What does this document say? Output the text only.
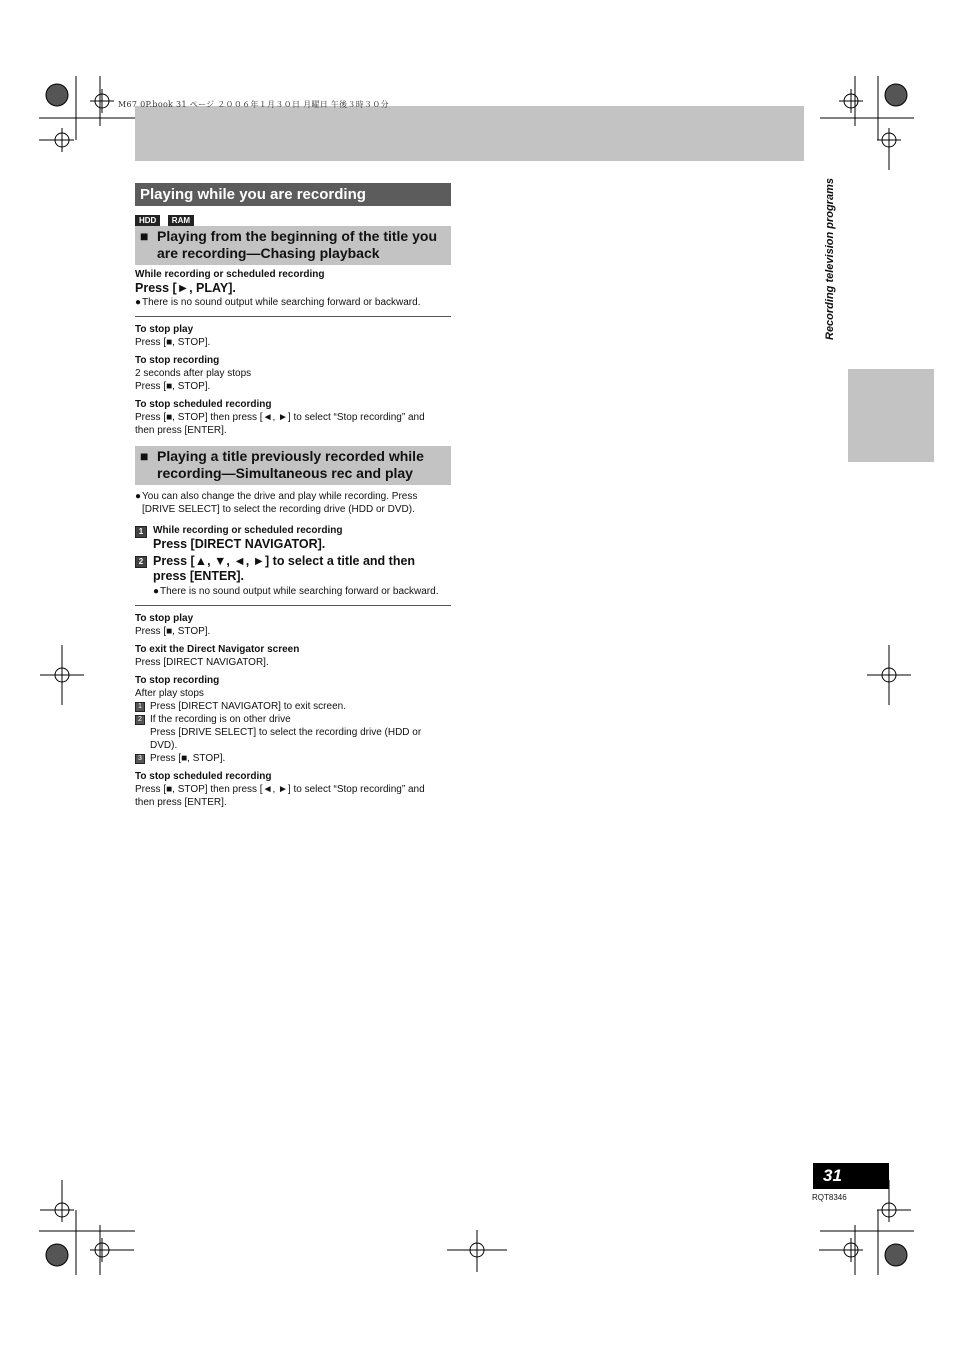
M67 0P.book 31 ページ ２００６年１月３０日 月曜日 午後３時３０分
Recording television programs
Playing while you are recording
HDD RAM
■ Playing from the beginning of the title you
are recording—Chasing playback
While recording or scheduled recording
Press [►, PLAY].
● There is no sound output while searching forward or backward.
To stop play
Press [■, STOP].
To stop recording
2 seconds after play stops
Press [■, STOP].
To stop scheduled recording
Press [■, STOP] then press [◄, ►] to select “Stop recording” and
then press [ENTER].
■ Playing a title previously recorded while
recording—Simultaneous rec and play
● You can also change the drive and play while recording. Press
[DRIVE SELECT] to select the recording drive (HDD or DVD).
1 While recording or scheduled recording
Press [DIRECT NAVIGATOR].
2 Press [▲, ▼, ◄, ►] to select a title and then
press [ENTER].
● There is no sound output while searching forward or backward.
To stop play
Press [■, STOP].
To exit the Direct Navigator screen
Press [DIRECT NAVIGATOR].
To stop recording
After play stops
1 Press [DIRECT NAVIGATOR] to exit screen.
2 If the recording is on other drive
Press [DRIVE SELECT] to select the recording drive (HDD or
DVD).
3 Press [■, STOP].
To stop scheduled recording
Press [■, STOP] then press [◄, ►] to select “Stop recording” and
then press [ENTER].
31
RQT8346
